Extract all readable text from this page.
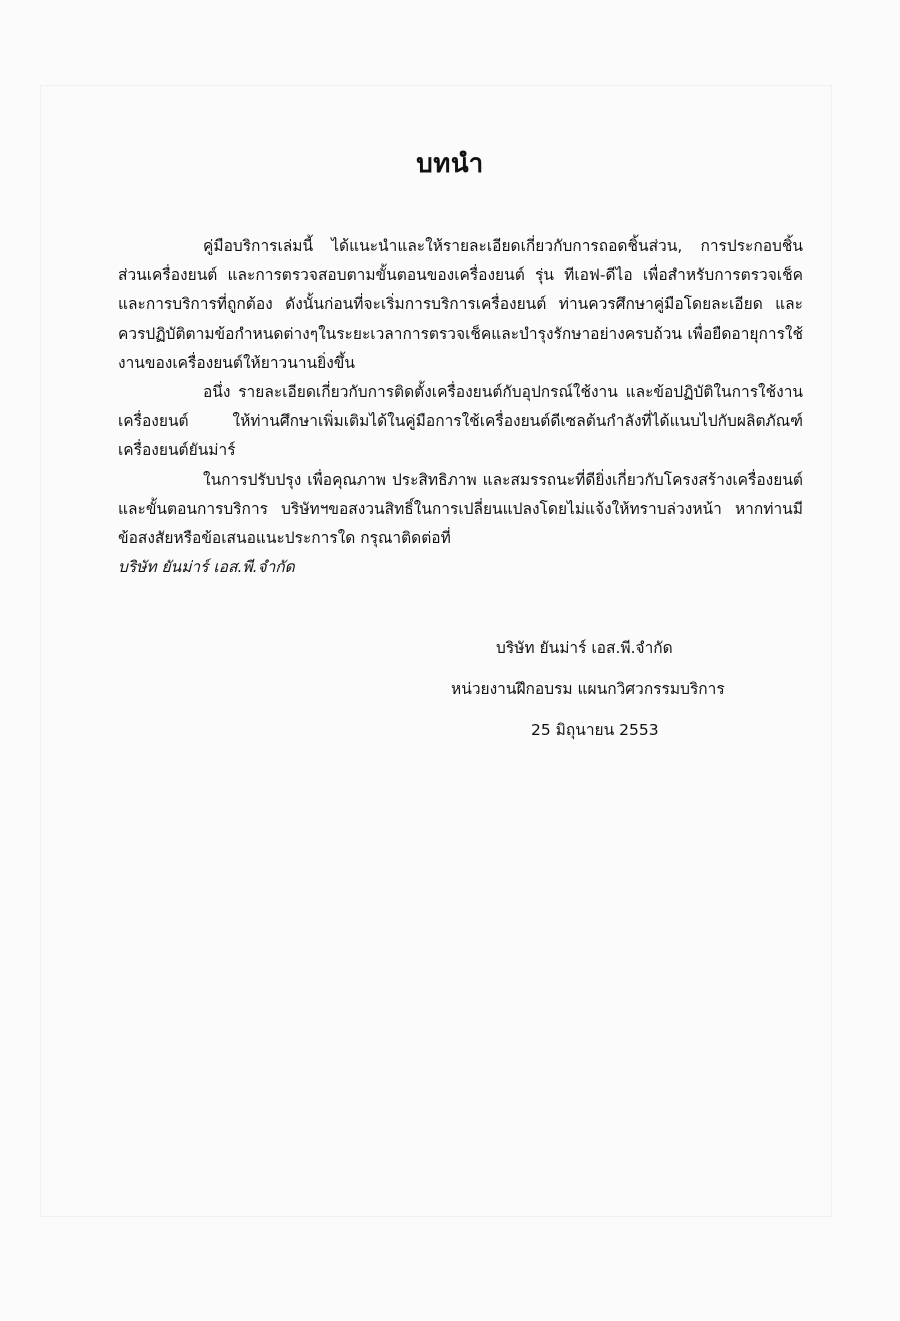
บทนำ

คู่มือบริการเล่มนี้ ได้แนะนำและให้รายละเอียดเกี่ยวกับการถอดชิ้นส่วน, การประกอบชิ้นส่วนเครื่องยนต์ และการตรวจสอบตามขั้นตอนของเครื่องยนต์ รุ่น ทีเอฟ-ดีไอ เพื่อสำหรับการตรวจเช็คและการบริการที่ถูกต้อง ดังนั้นก่อนที่จะเริ่มการบริการเครื่องยนต์ ท่านควรศึกษาคู่มือโดยละเอียด และควรปฏิบัติตามข้อกำหนดต่างๆในระยะเวลาการตรวจเช็คและบำรุงรักษาอย่างครบถ้วน เพื่อยืดอายุการใช้งานของเครื่องยนต์ให้ยาวนานยิ่งขึ้น

อนึ่ง รายละเอียดเกี่ยวกับการติดตั้งเครื่องยนต์กับอุปกรณ์ใช้งาน และข้อปฏิบัติในการใช้งานเครื่องยนต์ ให้ท่านศึกษาเพิ่มเติมได้ในคู่มือการใช้เครื่องยนต์ดีเซลต้นกำลังที่ได้แนบไปกับผลิตภัณฑ์เครื่องยนต์ยันม่าร์

ในการปรับปรุง เพื่อคุณภาพ ประสิทธิภาพ และสมรรถนะที่ดียิ่งเกี่ยวกับโครงสร้างเครื่องยนต์และขั้นตอนการบริการ บริษัทฯขอสงวนสิทธิ์ในการเปลี่ยนแปลงโดยไม่แจ้งให้ทราบล่วงหน้า หากท่านมีข้อสงสัยหรือข้อเสนอแนะประการใด กรุณาติดต่อที่

บริษัท ยันม่าร์ เอส.พี.จำกัด

บริษัท ยันม่าร์ เอส.พี.จำกัด
หน่วยงานฝึกอบรม แผนกวิศวกรรมบริการ
25 มิถุนายน 2553
